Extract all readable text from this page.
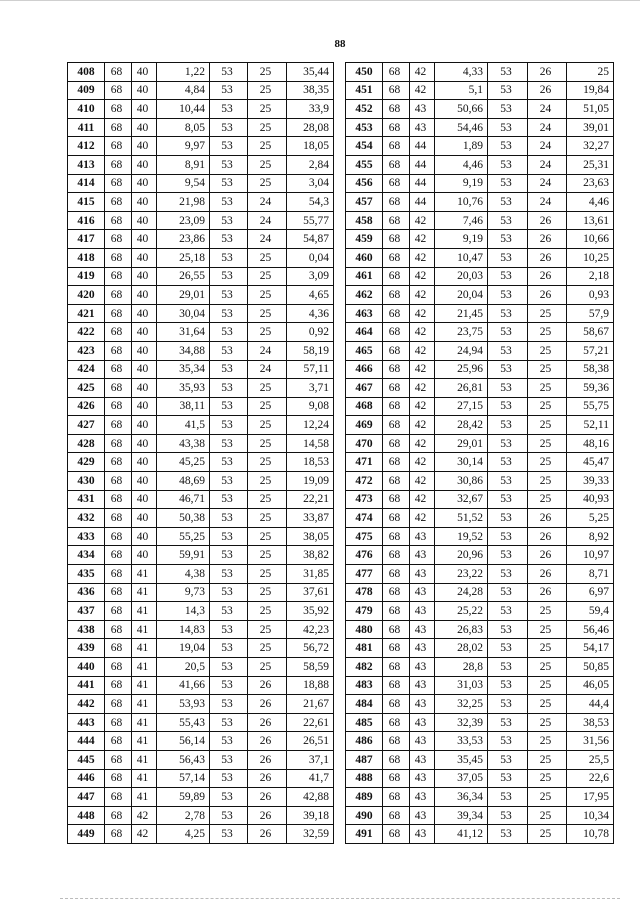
88
408	68	40	1,22	53	25	35,44
409	68	40	4,84	53	25	38,35
410	68	40	10,44	53	25	33,9
411	68	40	8,05	53	25	28,08
412	68	40	9,97	53	25	18,05
413	68	40	8,91	53	25	2,84
414	68	40	9,54	53	25	3,04
415	68	40	21,98	53	24	54,3
416	68	40	23,09	53	24	55,77
417	68	40	23,86	53	24	54,87
418	68	40	25,18	53	25	0,04
419	68	40	26,55	53	25	3,09
420	68	40	29,01	53	25	4,65
421	68	40	30,04	53	25	4,36
422	68	40	31,64	53	25	0,92
423	68	40	34,88	53	24	58,19
424	68	40	35,34	53	24	57,11
425	68	40	35,93	53	25	3,71
426	68	40	38,11	53	25	9,08
427	68	40	41,5	53	25	12,24
428	68	40	43,38	53	25	14,58
429	68	40	45,25	53	25	18,53
430	68	40	48,69	53	25	19,09
431	68	40	46,71	53	25	22,21
432	68	40	50,38	53	25	33,87
433	68	40	55,25	53	25	38,05
434	68	40	59,91	53	25	38,82
435	68	41	4,38	53	25	31,85
436	68	41	9,73	53	25	37,61
437	68	41	14,3	53	25	35,92
438	68	41	14,83	53	25	42,23
439	68	41	19,04	53	25	56,72
440	68	41	20,5	53	25	58,59
441	68	41	41,66	53	26	18,88
442	68	41	53,93	53	26	21,67
443	68	41	55,43	53	26	22,61
444	68	41	56,14	53	26	26,51
445	68	41	56,43	53	26	37,1
446	68	41	57,14	53	26	41,7
447	68	41	59,89	53	26	42,88
448	68	42	2,78	53	26	39,18
449	68	42	4,25	53	26	32,59
450	68	42	4,33	53	26	25
451	68	42	5,1	53	26	19,84
452	68	43	50,66	53	24	51,05
453	68	43	54,46	53	24	39,01
454	68	44	1,89	53	24	32,27
455	68	44	4,46	53	24	25,31
456	68	44	9,19	53	24	23,63
457	68	44	10,76	53	24	4,46
458	68	42	7,46	53	26	13,61
459	68	42	9,19	53	26	10,66
460	68	42	10,47	53	26	10,25
461	68	42	20,03	53	26	2,18
462	68	42	20,04	53	26	0,93
463	68	42	21,45	53	25	57,9
464	68	42	23,75	53	25	58,67
465	68	42	24,94	53	25	57,21
466	68	42	25,96	53	25	58,38
467	68	42	26,81	53	25	59,36
468	68	42	27,15	53	25	55,75
469	68	42	28,42	53	25	52,11
470	68	42	29,01	53	25	48,16
471	68	42	30,14	53	25	45,47
472	68	42	30,86	53	25	39,33
473	68	42	32,67	53	25	40,93
474	68	42	51,52	53	26	5,25
475	68	43	19,52	53	26	8,92
476	68	43	20,96	53	26	10,97
477	68	43	23,22	53	26	8,71
478	68	43	24,28	53	26	6,97
479	68	43	25,22	53	25	59,4
480	68	43	26,83	53	25	56,46
481	68	43	28,02	53	25	54,17
482	68	43	28,8	53	25	50,85
483	68	43	31,03	53	25	46,05
484	68	43	32,25	53	25	44,4
485	68	43	32,39	53	25	38,53
486	68	43	33,53	53	25	31,56
487	68	43	35,45	53	25	25,5
488	68	43	37,05	53	25	22,6
489	68	43	36,34	53	25	17,95
490	68	43	39,34	53	25	10,34
491	68	43	41,12	53	25	10,78
